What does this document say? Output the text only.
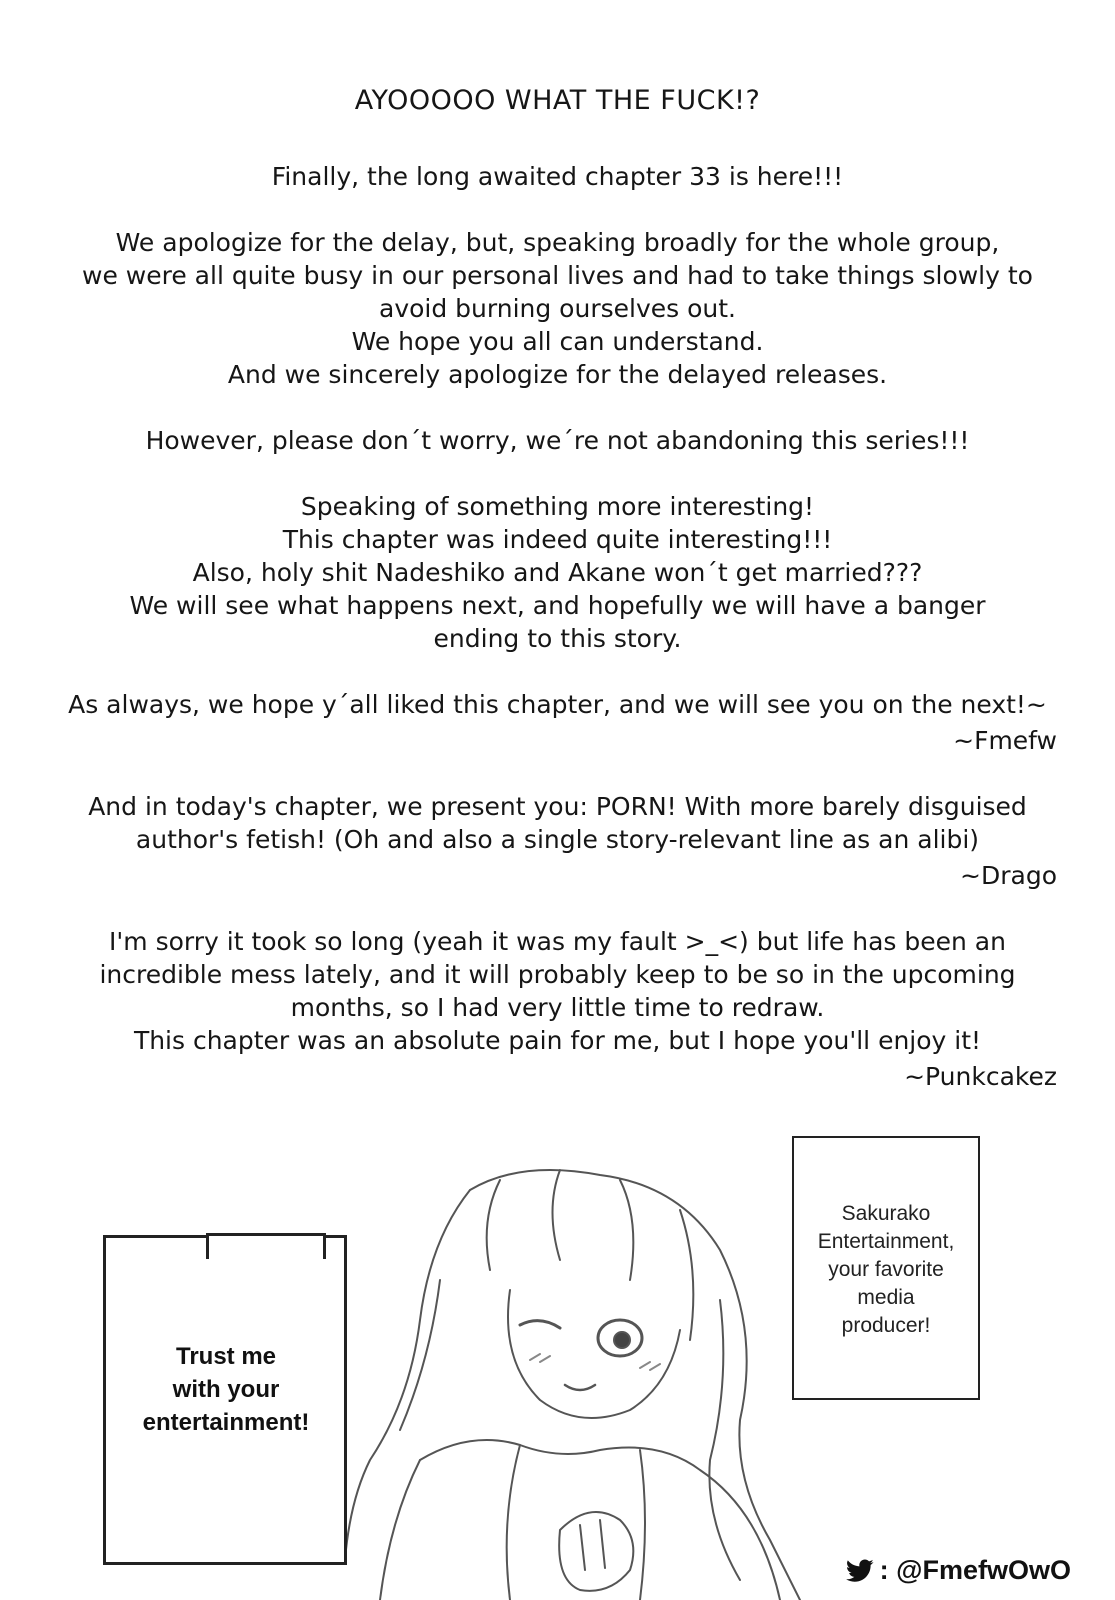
AYOOOOO WHAT THE FUCK!?
Finally, the long awaited chapter 33 is here!!!
We apologize for the delay, but, speaking broadly for the whole group,
we were all quite busy in our personal lives and had to take things slowly to
avoid burning ourselves out.
We hope you all can understand.
And we sincerely apologize for the delayed releases.
However, please don´t worry, we´re not abandoning this series!!!
Speaking of something more interesting!
This chapter was indeed quite interesting!!!
Also, holy shit Nadeshiko and Akane won´t get married???
We will see what happens next, and hopefully we will have a banger
ending to this story.
As always, we hope y´all liked this chapter, and we will see you on the next!~
~Fmefw
And in today's chapter, we present you: PORN! With more barely disguised
author's fetish! (Oh and also a single story-relevant line as an alibi)
~Drago
I'm sorry it took so long (yeah it was my fault >_<) but life has been an
incredible mess lately, and it will probably keep to be so in the upcoming
months, so I had very little time to redraw.
This chapter was an absolute pain for me, but I hope you'll enjoy it!
~Punkcakez
Trust me
with your
entertainment!
Sakurako
Entertainment,
your favorite
media
producer!
: @FmefwOwO
